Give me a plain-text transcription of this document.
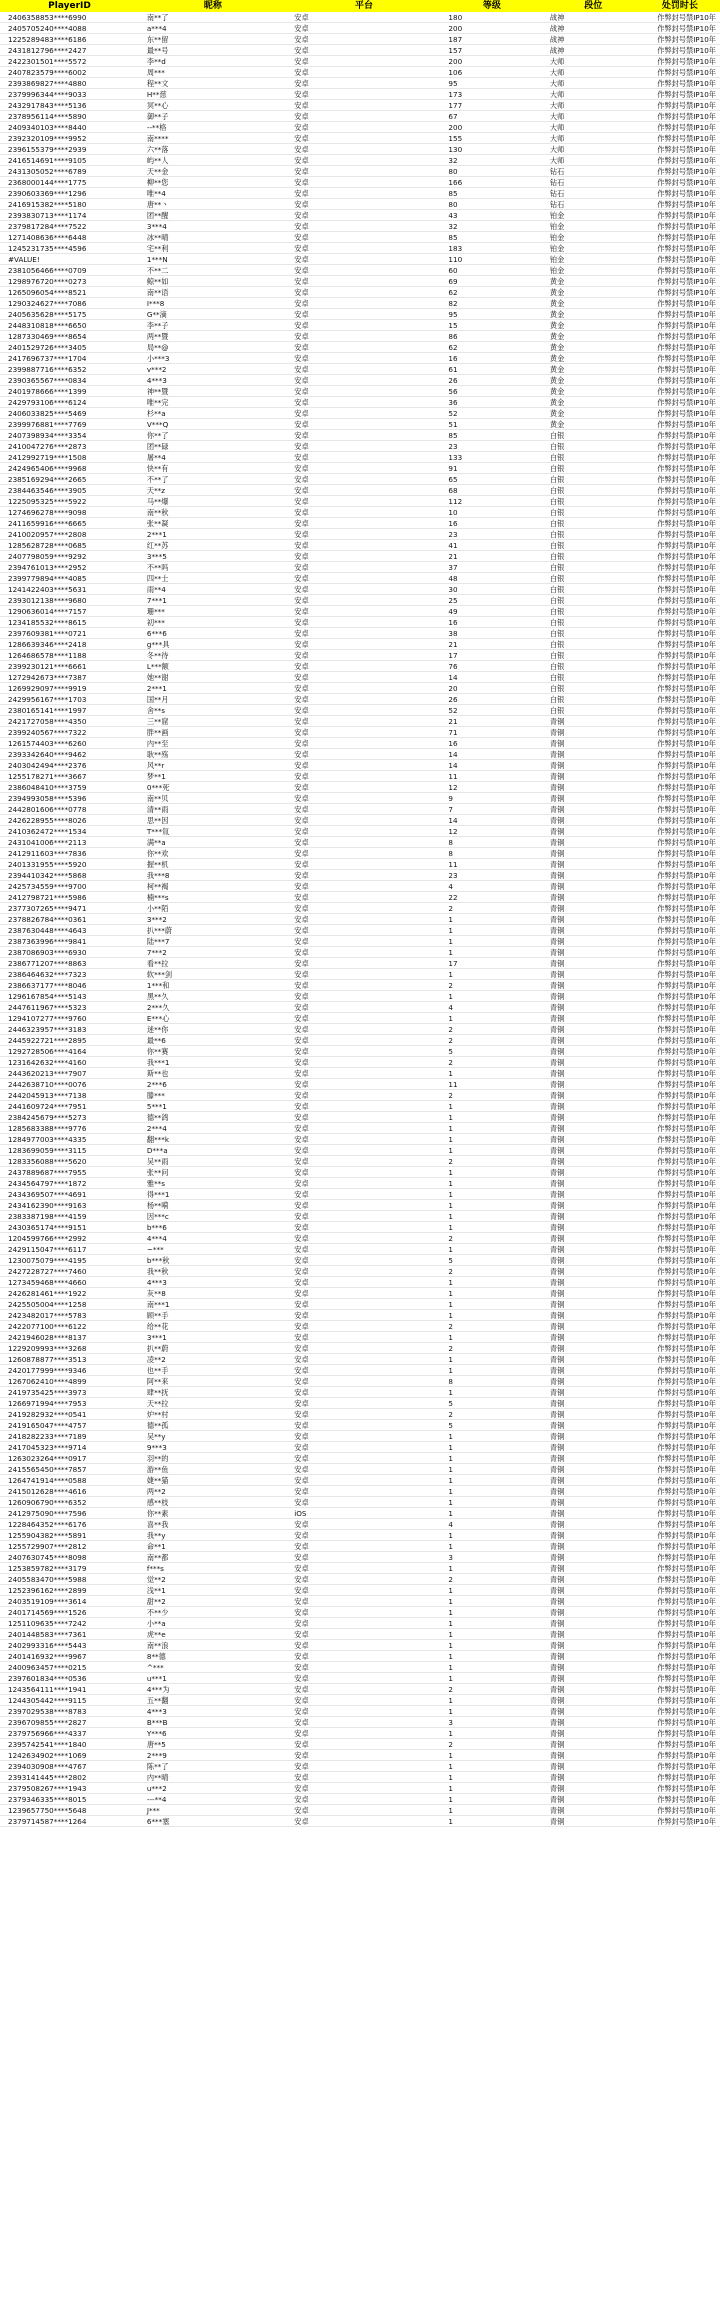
PlayerID	昵称	平台	等级	段位	处罚时长
2406358853****6990	南**了	安卓	180	战神	作弊封号禁IP10年
2405705240****4088	a***4	安卓	200	战神	作弊封号禁IP10年
1225289483****6186	东**留	安卓	187	战神	作弊封号禁IP10年
2431812796****2427	最**号	安卓	157	战神	作弊封号禁IP10年
2422301501****5572	李**d	安卓	200	大师	作弊封号禁IP10年
2407823579****6002	周***	安卓	106	大师	作弊封号禁IP10年
2393869827****4880	程**文	安卓	95	大师	作弊封号禁IP10年
2379996344****9033	H**慈	安卓	173	大师	作弊封号禁IP10年
2432917843****5136	冥**心	安卓	177	大师	作弊封号禁IP10年
2378956114****5890	御**子	安卓	67	大师	作弊封号禁IP10年
2409340103****8440	--**格	安卓	200	大师	作弊封号禁IP10年
2392320109****9952	南****	安卓	155	大师	作弊封号禁IP10年
2396155379****2939	六**落	安卓	130	大师	作弊封号禁IP10年
2416514691****9105	屿**人	安卓	32	大师	作弊封号禁IP10年
2431305052****6789	天**金	安卓	80	钻石	作弊封号禁IP10年
2368000144****1775	柳**您	安卓	166	钻石	作弊封号禁IP10年
2390603369****1296	唯**4	安卓	85	钻石	作弊封号禁IP10年
2416915382****5180	唐**丶	安卓	80	钻石	作弊封号禁IP10年
2393830713****1174	团**醒	安卓	43	铂金	作弊封号禁IP10年
2379817284****7522	3***4	安卓	32	铂金	作弊封号禁IP10年
1271408636****6448	冰**晴	安卓	85	铂金	作弊封号禁IP10年
1245231735****4596	宅**利	安卓	183	铂金	作弊封号禁IP10年
#VALUE!	1***N	安卓	110	铂金	作弊封号禁IP10年
2381056466****0709	不**二	安卓	60	铂金	作弊封号禁IP10年
1298976720****0273	鲸**如	安卓	69	黄金	作弊封号禁IP10年
1265096054****8521	南**语	安卓	62	黄金	作弊封号禁IP10年
1290324627****7086	I***8	安卓	82	黄金	作弊封号禁IP10年
2405635628****5175	G**滴	安卓	95	黄金	作弊封号禁IP10年
2448310818****6650	李**子	安卓	15	黄金	作弊封号禁IP10年
1287330469****8654	两**暨	安卓	86	黄金	作弊封号禁IP10年
2401529726****3405	局**@	安卓	62	黄金	作弊封号禁IP10年
2417696737****1704	小***3	安卓	16	黄金	作弊封号禁IP10年
2399887716****6352	v***2	安卓	61	黄金	作弊封号禁IP10年
2390365567****0834	4***3	安卓	26	黄金	作弊封号禁IP10年
2401978666****1399	神**暨	安卓	56	黄金	作弊封号禁IP10年
2429793106****6124	唯**完	安卓	36	黄金	作弊封号禁IP10年
2406033825****5469	杉**a	安卓	52	黄金	作弊封号禁IP10年
2399976881****7769	V***Q	安卓	51	黄金	作弊封号禁IP10年
2407398934****3354	你**了	安卓	85	白银	作弊封号禁IP10年
2410047276****2873	团**碌	安卓	23	白银	作弊封号禁IP10年
2412992719****1508	屠**4	安卓	133	白银	作弊封号禁IP10年
2424965406****9968	快**有	安卓	91	白银	作弊封号禁IP10年
2385169294****2665	不**了	安卓	65	白银	作弊封号禁IP10年
2384463546****3905	天**z	安卓	68	白银	作弊封号禁IP10年
1225095325****5922	马**爆	安卓	112	白银	作弊封号禁IP10年
1274696278****9098	南**秋	安卓	10	白银	作弊封号禁IP10年
2411659916****6665	张**凝	安卓	16	白银	作弊封号禁IP10年
2410020957****2808	2***1	安卓	23	白银	作弊封号禁IP10年
1285628728****0685	红**苏	安卓	41	白银	作弊封号禁IP10年
2407798059****9292	3***5	安卓	21	白银	作弊封号禁IP10年
2394761013****2952	不**吗	安卓	37	白银	作弊封号禁IP10年
2399779894****4085	四**士	安卓	48	白银	作弊封号禁IP10年
1241422403****5631	雨**4	安卓	30	白银	作弊封号禁IP10年
2393012138****9680	7***1	安卓	25	白银	作弊封号禁IP10年
1290636014****7157	珊***	安卓	49	白银	作弊封号禁IP10年
1234185532****8615	初***	安卓	16	白银	作弊封号禁IP10年
2397609381****0721	6***6	安卓	38	白银	作弊封号禁IP10年
1286639346****2418	g***具	安卓	21	白银	作弊封号禁IP10年
1264686578****1188	冬**待	安卓	17	白银	作弊封号禁IP10年
2399230121****6661	L***额	安卓	76	白银	作弊封号禁IP10年
1272942673****7387	她**谢	安卓	14	白银	作弊封号禁IP10年
1269929097****9919	2***1	安卓	20	白银	作弊封号禁IP10年
2429956167****1703	国**月	安卓	26	白银	作弊封号禁IP10年
2380165141****1997	舍**s	安卓	52	白银	作弊封号禁IP10年
2421727058****4350	三**窟	安卓	21	青铜	作弊封号禁IP10年
2399240567****7322	胖**画	安卓	71	青铜	作弊封号禁IP10年
1261574403****6260	内**至	安卓	16	青铜	作弊封号禁IP10年
2393342640****9462	耿**殇	安卓	14	青铜	作弊封号禁IP10年
2403042494****2376	风**r	安卓	14	青铜	作弊封号禁IP10年
1255178271****3667	梦**1	安卓	11	青铜	作弊封号禁IP10年
2386048410****3759	0***死	安卓	12	青铜	作弊封号禁IP10年
2394993058****5396	南**贝	安卓	9	青铜	作弊封号禁IP10年
2442801606****0778	清**雨	安卓	7	青铜	作弊封号禁IP10年
2426228955****8026	思**因	安卓	14	青铜	作弊封号禁IP10年
2410362472****1534	T***氚	安卓	12	青铜	作弊封号禁IP10年
2431041006****2113	满**a	安卓	8	青铜	作弊封号禁IP10年
2412911603****7836	你**欢	安卓	8	青铜	作弊封号禁IP10年
2401331955****5920	握**机	安卓	11	青铜	作弊封号禁IP10年
2394410342****5868	我***8	安卓	23	青铜	作弊封号禁IP10年
2425734559****9700	柯**褐	安卓	4	青铜	作弊封号禁IP10年
2412798721****5986	楠***s	安卓	22	青铜	作弊封号禁IP10年
2377307265****9471	小**陌	安卓	2	青铜	作弊封号禁IP10年
2378826784****0361	3***2	安卓	1	青铜	作弊封号禁IP10年
2387630448****4643	扒***蔚	安卓	1	青铜	作弊封号禁IP10年
2387363996****9841	陆***7	安卓	1	青铜	作弊封号禁IP10年
2387086903****6930	7***2	安卓	1	青铜	作弊封号禁IP10年
2386771207****8863	看**拉	安卓	17	青铜	作弊封号禁IP10年
2386464632****7323	软***剑	安卓	1	青铜	作弊封号禁IP10年
2386637177****8046	1***和	安卓	2	青铜	作弊封号禁IP10年
1296167854****5143	黑**久	安卓	1	青铜	作弊封号禁IP10年
2447611967****5323	2***久	安卓	4	青铜	作弊封号禁IP10年
1294107277****9760	E***心	安卓	1	青铜	作弊封号禁IP10年
2446323957****3183	迷**你	安卓	2	青铜	作弊封号禁IP10年
2445922721****2895	最**6	安卓	2	青铜	作弊封号禁IP10年
1292728506****4164	你**赛	安卓	5	青铜	作弊封号禁IP10年
1231642632****4160	我***1	安卓	2	青铜	作弊封号禁IP10年
2443620213****7907	斯**也	安卓	1	青铜	作弊封号禁IP10年
2442638710****0076	2***6	安卓	11	青铜	作弊封号禁IP10年
2442045913****7138	滕***	安卓	2	青铜	作弊封号禁IP10年
2441609724****7951	5***1	安卓	1	青铜	作弊封号禁IP10年
2384245679****5273	德**鸽	安卓	1	青铜	作弊封号禁IP10年
1285683388****9776	2***4	安卓	1	青铜	作弊封号禁IP10年
1284977003****4335	翻***k	安卓	1	青铜	作弊封号禁IP10年
1283699059****3115	D***a	安卓	1	青铜	作弊封号禁IP10年
1283356088****5620	吴**雨	安卓	2	青铜	作弊封号禁IP10年
2437889687****7955	张**问	安卓	1	青铜	作弊封号禁IP10年
2434564797****1872	雅**s	安卓	1	青铜	作弊封号禁IP10年
2434369507****4691	得***1	安卓	1	青铜	作弊封号禁IP10年
2434162390****9163	杨**嗬	安卓	1	青铜	作弊封号禁IP10年
2383387198****4159	因***c	安卓	1	青铜	作弊封号禁IP10年
2430365174****9151	b***6	安卓	1	青铜	作弊封号禁IP10年
1204599766****2992	4***4	安卓	2	青铜	作弊封号禁IP10年
2429115047****6117	~***	安卓	1	青铜	作弊封号禁IP10年
1230075079****4195	b***秋	安卓	5	青铜	作弊封号禁IP10年
2427228727****7460	我**秋	安卓	2	青铜	作弊封号禁IP10年
1273459468****4660	4***3	安卓	1	青铜	作弊封号禁IP10年
2426281461****1922	灰**8	安卓	1	青铜	作弊封号禁IP10年
2425505004****1258	南***1	安卓	1	青铜	作弊封号禁IP10年
2423482017****5783	顾**手	安卓	1	青铜	作弊封号禁IP10年
2422077100****6122	给**花	安卓	2	青铜	作弊封号禁IP10年
2421946028****8137	3***1	安卓	1	青铜	作弊封号禁IP10年
1229209993****3268	扒**蔚	安卓	2	青铜	作弊封号禁IP10年
1260878877****3513	凌**2	安卓	1	青铜	作弊封号禁IP10年
2420177999****9346	也**手	安卓	1	青铜	作弊封号禁IP10年
1267062410****4899	阿**来	安卓	8	青铜	作弊封号禁IP10年
2419735425****3973	肆**抚	安卓	1	青铜	作弊封号禁IP10年
1266971994****7953	天**拉	安卓	5	青铜	作弊封号禁IP10年
2419282932****0541	炉**村	安卓	2	青铜	作弊封号禁IP10年
2419165047****4757	德**孤	安卓	5	青铜	作弊封号禁IP10年
2418282233****7189	吴**y	安卓	1	青铜	作弊封号禁IP10年
2417045323****9714	9***3	安卓	1	青铜	作弊封号禁IP10年
1263023264****0917	羽**的	安卓	1	青铜	作弊封号禁IP10年
2415565450****7857	游**鱼	安卓	1	青铜	作弊封号禁IP10年
1264741914****0588	婕**猫	安卓	1	青铜	作弊封号禁IP10年
2415012628****4616	两**2	安卓	1	青铜	作弊封号禁IP10年
1260906790****6352	感**枝	安卓	1	青铜	作弊封号禁IP10年
2412975090****7596	你**素	iOS	1	青铜	作弊封号禁IP10年
1228464352****6176	喜**我	安卓	4	青铜	作弊封号禁IP10年
1255904382****5891	我**y	安卓	1	青铜	作弊封号禁IP10年
1255729907****2812	命**1	安卓	1	青铜	作弊封号禁IP10年
2407630745****8098	南**都	安卓	3	青铜	作弊封号禁IP10年
1253859782****3179	f***s	安卓	1	青铜	作弊封号禁IP10年
2405583470****5988	觉**2	安卓	2	青铜	作弊封号禁IP10年
1252396162****2899	浅**1	安卓	1	青铜	作弊封号禁IP10年
2403519109****3614	甜**2	安卓	1	青铜	作弊封号禁IP10年
2401714569****1526	不**少	安卓	1	青铜	作弊封号禁IP10年
1251109635****7242	小**a	安卓	1	青铜	作弊封号禁IP10年
2401448583****7361	虎**e	安卓	1	青铜	作弊封号禁IP10年
2402993316****5443	南**浪	安卓	1	青铜	作弊封号禁IP10年
2401416932****9967	8**德	安卓	1	青铜	作弊封号禁IP10年
2400963457****0215	^***	安卓	1	青铜	作弊封号禁IP10年
2397601834****0536	u***1	安卓	1	青铜	作弊封号禁IP10年
1243564111****1941	4***为	安卓	2	青铜	作弊封号禁IP10年
1244305442****9115	五**翻	安卓	1	青铜	作弊封号禁IP10年
2397029538****8783	4***3	安卓	1	青铜	作弊封号禁IP10年
2396709855****2827	B***B	安卓	3	青铜	作弊封号禁IP10年
2379756966****4337	Y***6	安卓	1	青铜	作弊封号禁IP10年
2395742541****1840	唐**5	安卓	2	青铜	作弊封号禁IP10年
1242634902****1069	2***9	安卓	1	青铜	作弊封号禁IP10年
2394030908****4767	陈**了	安卓	1	青铜	作弊封号禁IP10年
2393141445****2802	内**晴	安卓	1	青铜	作弊封号禁IP10年
2379508267****1943	u***2	安卓	1	青铜	作弊封号禁IP10年
2379346335****8015	---**4	安卓	1	青铜	作弊封号禁IP10年
1239657750****5648	J***	安卓	1	青铜	作弊封号禁IP10年
2379714587****1264	6***塞	安卓	1	青铜	作弊封号禁IP10年
